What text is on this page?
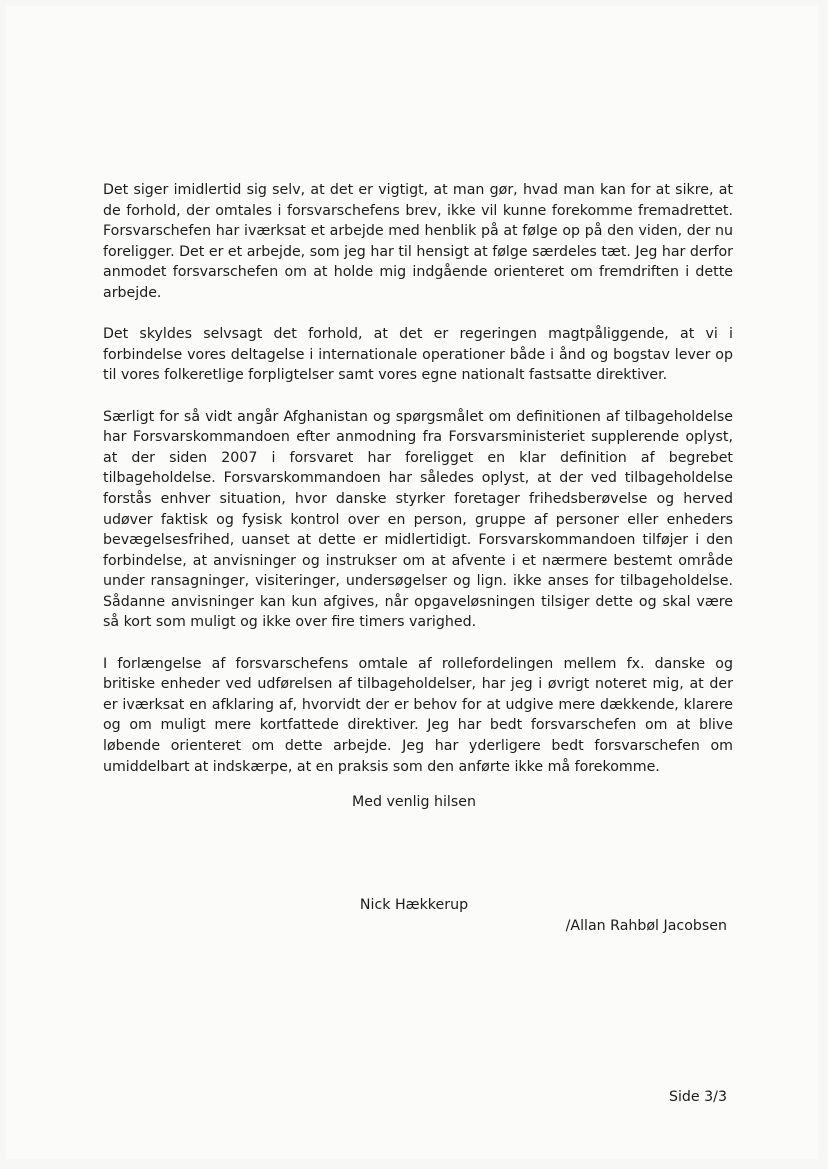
Det siger imidlertid sig selv, at det er vigtigt, at man gør, hvad man kan for at sikre, at de forhold, der omtales i forsvarschefens brev, ikke vil kunne forekomme fremadrettet. Forsvarschefen har iværksat et arbejde med henblik på at følge op på den viden, der nu foreligger. Det er et arbejde, som jeg har til hensigt at følge særdeles tæt. Jeg har derfor anmodet forsvarschefen om at holde mig indgående orienteret om fremdriften i dette arbejde.

Det skyldes selvsagt det forhold, at det er regeringen magtpåliggende, at vi i forbindelse vores deltagelse i internationale operationer både i ånd og bogstav lever op til vores folkeretlige forpligtelser samt vores egne nationalt fastsatte direktiver.

Særligt for så vidt angår Afghanistan og spørgsmålet om definitionen af tilbageholdelse har Forsvarskommandoen efter anmodning fra Forsvarsministeriet supplerende oplyst, at der siden 2007 i forsvaret har foreligget en klar definition af begrebet tilbageholdelse. Forsvarskommandoen har således oplyst, at der ved tilbageholdelse forstås enhver situation, hvor danske styrker foretager frihedsberøvelse og herved udøver faktisk og fysisk kontrol over en person, gruppe af personer eller enheders bevægelsesfrihed, uanset at dette er midlertidigt. Forsvarskommandoen tilføjer i den forbindelse, at anvisninger og instrukser om at afvente i et nærmere bestemt område under ransagninger, visiteringer, undersøgelser og lign. ikke anses for tilbageholdelse. Sådanne anvisninger kan kun afgives, når opgaveløsningen tilsiger dette og skal være så kort som muligt og ikke over fire timers varighed.

I forlængelse af forsvarschefens omtale af rollefordelingen mellem fx. danske og britiske enheder ved udførelsen af tilbageholdelser, har jeg i øvrigt noteret mig, at der er iværksat en afklaring af, hvorvidt der er behov for at udgive mere dækkende, klarere og om muligt mere kortfattede direktiver. Jeg har bedt forsvarschefen om at blive løbende orienteret om dette arbejde. Jeg har yderligere bedt forsvarschefen om umiddelbart at indskærpe, at en praksis som den anførte ikke må forekomme.

Med venlig hilsen
Nick Hækkerup
/Allan Rahbøl Jacobsen
Side 3/3
